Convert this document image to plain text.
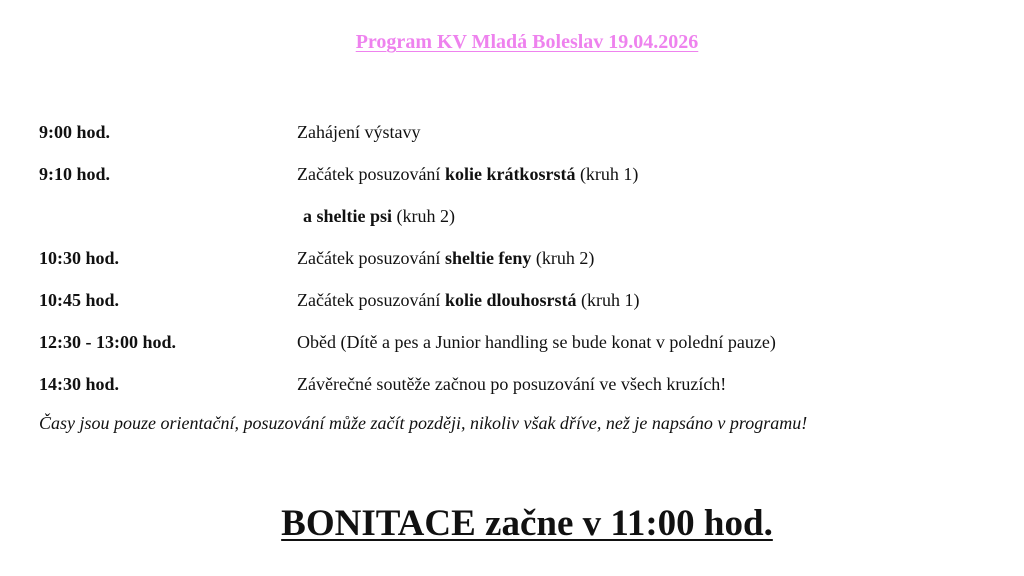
Program KV Mladá Boleslav 19.04.2026
9:00 hod.	Zahájení výstavy
9:10 hod.	Začátek posuzování kolie krátkosrstá (kruh 1)
a sheltie psi (kruh 2)
10:30 hod.	Začátek posuzování sheltie feny (kruh 2)
10:45 hod.	Začátek posuzování kolie dlouhosrstá (kruh 1)
12:30 - 13:00 hod.	Oběd (Dítě a pes a Junior handling se bude konat v polední pauze)
14:30 hod.	Závěrečné soutěže začnou po posuzování ve všech kruzích!
Časy jsou pouze orientační, posuzování může začít později, nikoliv však dříve, než je napsáno v programu!
BONITACE začne v 11:00 hod.
